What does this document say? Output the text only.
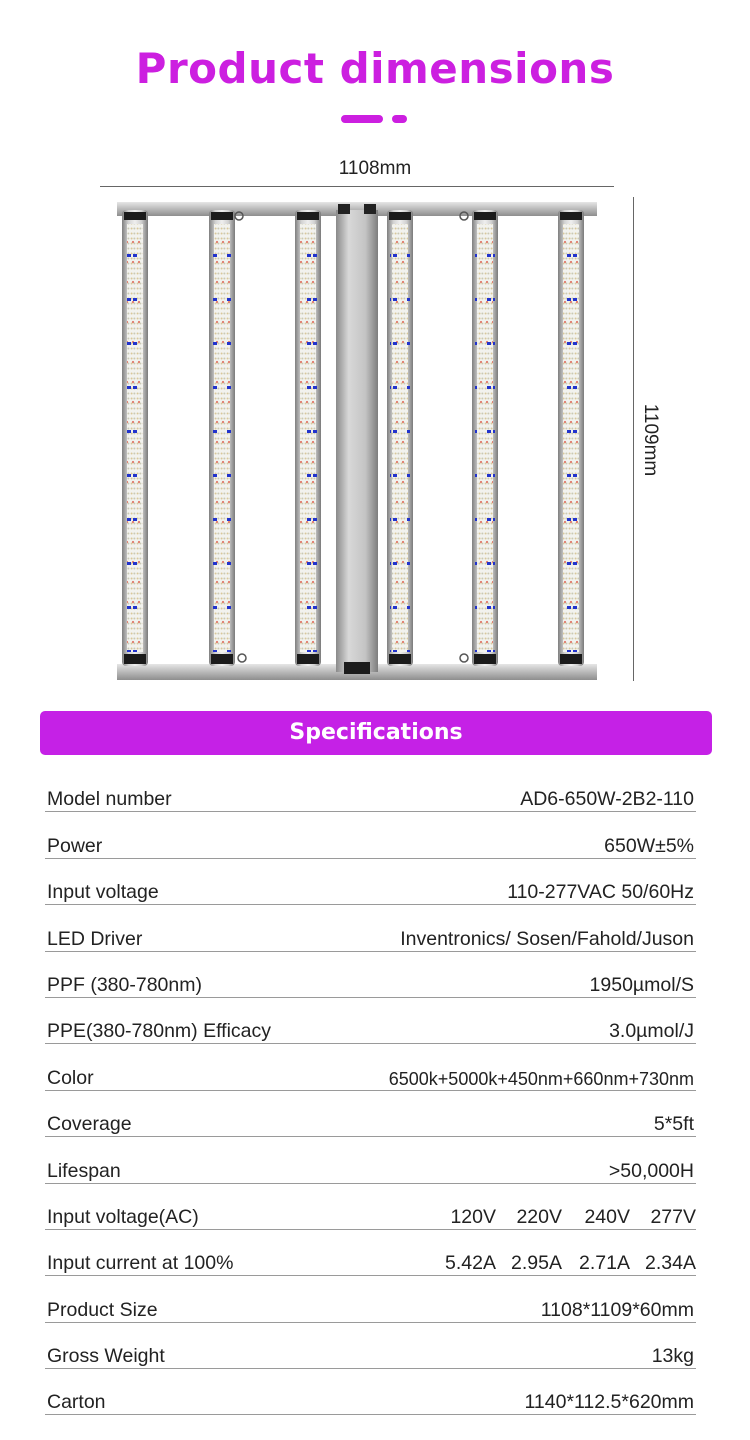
Product dimensions
1108mm
1109mm
Specifications
Model number	AD6-650W-2B2-110
Power	650W±5%
Input voltage	110-277VAC 50/60Hz
LED Driver	Inventronics/ Sosen/Fahold/Juson
PPF (380-780nm)	1950µmol/S
PPE(380-780nm) Efficacy	3.0µmol/J
Color	6500k+5000k+450nm+660nm+730nm
Coverage	5*5ft
Lifespan	>50,000H
Input voltage(AC)	120V	220V	240V	277V
Input current at 100%	5.42A 2.95A 2.71A 2.34A
Product Size	1108*1109*60mm
Gross Weight	13kg
Carton	1140*112.5*620mm
